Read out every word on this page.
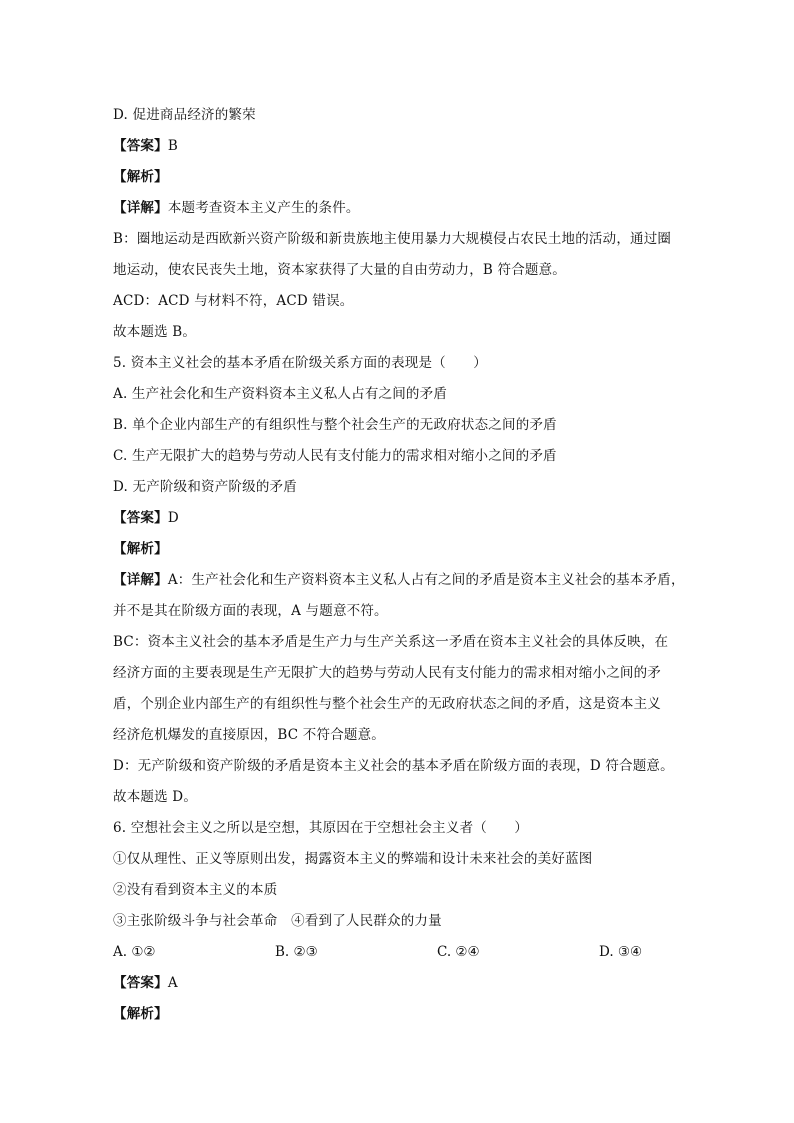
D. 促进商品经济的繁荣
【答案】B
【解析】
【详解】本题考查资本主义产生的条件。
B：圈地运动是西欧新兴资产阶级和新贵族地主使用暴力大规模侵占农民土地的活动，通过圈
地运动，使农民丧失土地，资本家获得了大量的自由劳动力，B 符合题意。
ACD：ACD 与材料不符，ACD 错误。
故本题选 B。
5. 资本主义社会的基本矛盾在阶级关系方面的表现是（　　）
A. 生产社会化和生产资料资本主义私人占有之间的矛盾
B. 单个企业内部生产的有组织性与整个社会生产的无政府状态之间的矛盾
C. 生产无限扩大的趋势与劳动人民有支付能力的需求相对缩小之间的矛盾
D. 无产阶级和资产阶级的矛盾
【答案】D
【解析】
【详解】A：生产社会化和生产资料资本主义私人占有之间的矛盾是资本主义社会的基本矛盾，
并不是其在阶级方面的表现，A 与题意不符。
BC：资本主义社会的基本矛盾是生产力与生产关系这一矛盾在资本主义社会的具体反映，在
经济方面的主要表现是生产无限扩大的趋势与劳动人民有支付能力的需求相对缩小之间的矛
盾，个别企业内部生产的有组织性与整个社会生产的无政府状态之间的矛盾，这是资本主义
经济危机爆发的直接原因，BC 不符合题意。
D：无产阶级和资产阶级的矛盾是资本主义社会的基本矛盾在阶级方面的表现，D 符合题意。
故本题选 D。
6. 空想社会主义之所以是空想，其原因在于空想社会主义者（　　）
①仅从理性、正义等原则出发，揭露资本主义的弊端和设计未来社会的美好蓝图
②没有看到资本主义的本质
③主张阶级斗争与社会革命　④看到了人民群众的力量
A. ①②	B. ②③	C. ②④	D. ③④
【答案】A
【解析】
